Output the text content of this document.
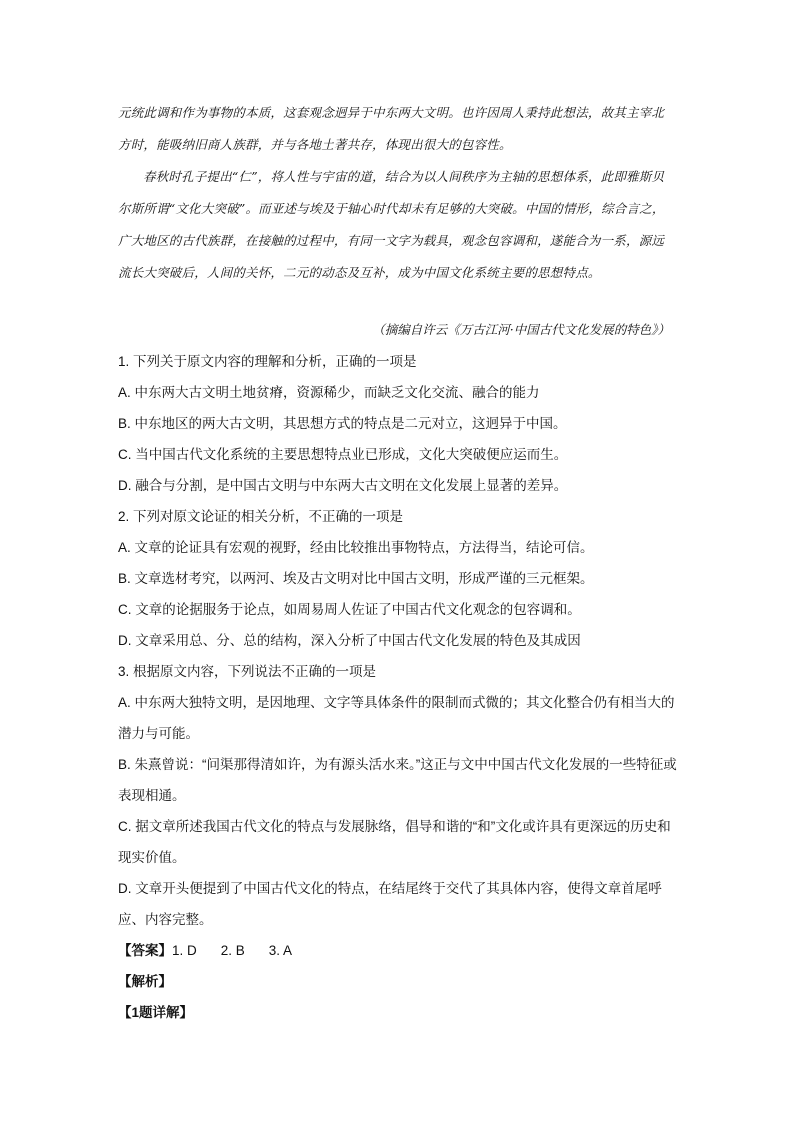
元统此调和作为事物的本质，这套观念迥异于中东两大文明。也许因周人秉持此想法，故其主宰北方时，能吸纳旧商人族群，并与各地土著共存，体现出很大的包容性。
春秋时孔子提出“仁”，将人性与宇宙的道，结合为以人间秩序为主轴的思想体系，此即雅斯贝尔斯所谓“文化大突破”。而亚述与埃及于轴心时代却未有足够的大突破。中国的情形，综合言之，广大地区的古代族群，在接触的过程中，有同一文字为载具，观念包容调和，遂能合为一系，源远流长大突破后，人间的关怀，二元的动态及互补，成为中国文化系统主要的思想特点。
（摘编自许云《万古江河·中国古代文化发展的特色》）

1. 下列关于原文内容的理解和分析，正确的一项是

A. 中东两大古文明土地贫瘠，资源稀少，而缺乏文化交流、融合的能力

B. 中东地区的两大古文明，其思想方式的特点是二元对立，这迥异于中国。

C. 当中国古代文化系统的主要思想特点业已形成，文化大突破便应运而生。

D. 融合与分割，是中国古文明与中东两大古文明在文化发展上显著的差异。

2. 下列对原文论证的相关分析，不正确的一项是

A. 文章的论证具有宏观的视野，经由比较推出事物特点，方法得当，结论可信。

B. 文章选材考究，以两河、埃及古文明对比中国古文明，形成严谨的三元框架。

C. 文章的论据服务于论点，如周易周人佐证了中国古代文化观念的包容调和。

D. 文章采用总、分、总的结构，深入分析了中国古代文化发展的特色及其成因

3. 根据原文内容，下列说法不正确的一项是

A. 中东两大独特文明，是因地理、文字等具体条件的限制而式微的；其文化整合仍有相当大的潜力与可能。

B. 朱熹曾说：“问渠那得清如许，为有源头活水来。”这正与文中中国古代文化发展的一些特征或表现相通。

C. 据文章所述我国古代文化的特点与发展脉络，倡导和谐的“和”文化或许具有更深远的历史和现实价值。

D. 文章开头便提到了中国古代文化的特点，在结尾终于交代了其具体内容，使得文章首尾呼应、内容完整。

【答案】 1. D 2. B 3. A

【解析】

【1题详解】
